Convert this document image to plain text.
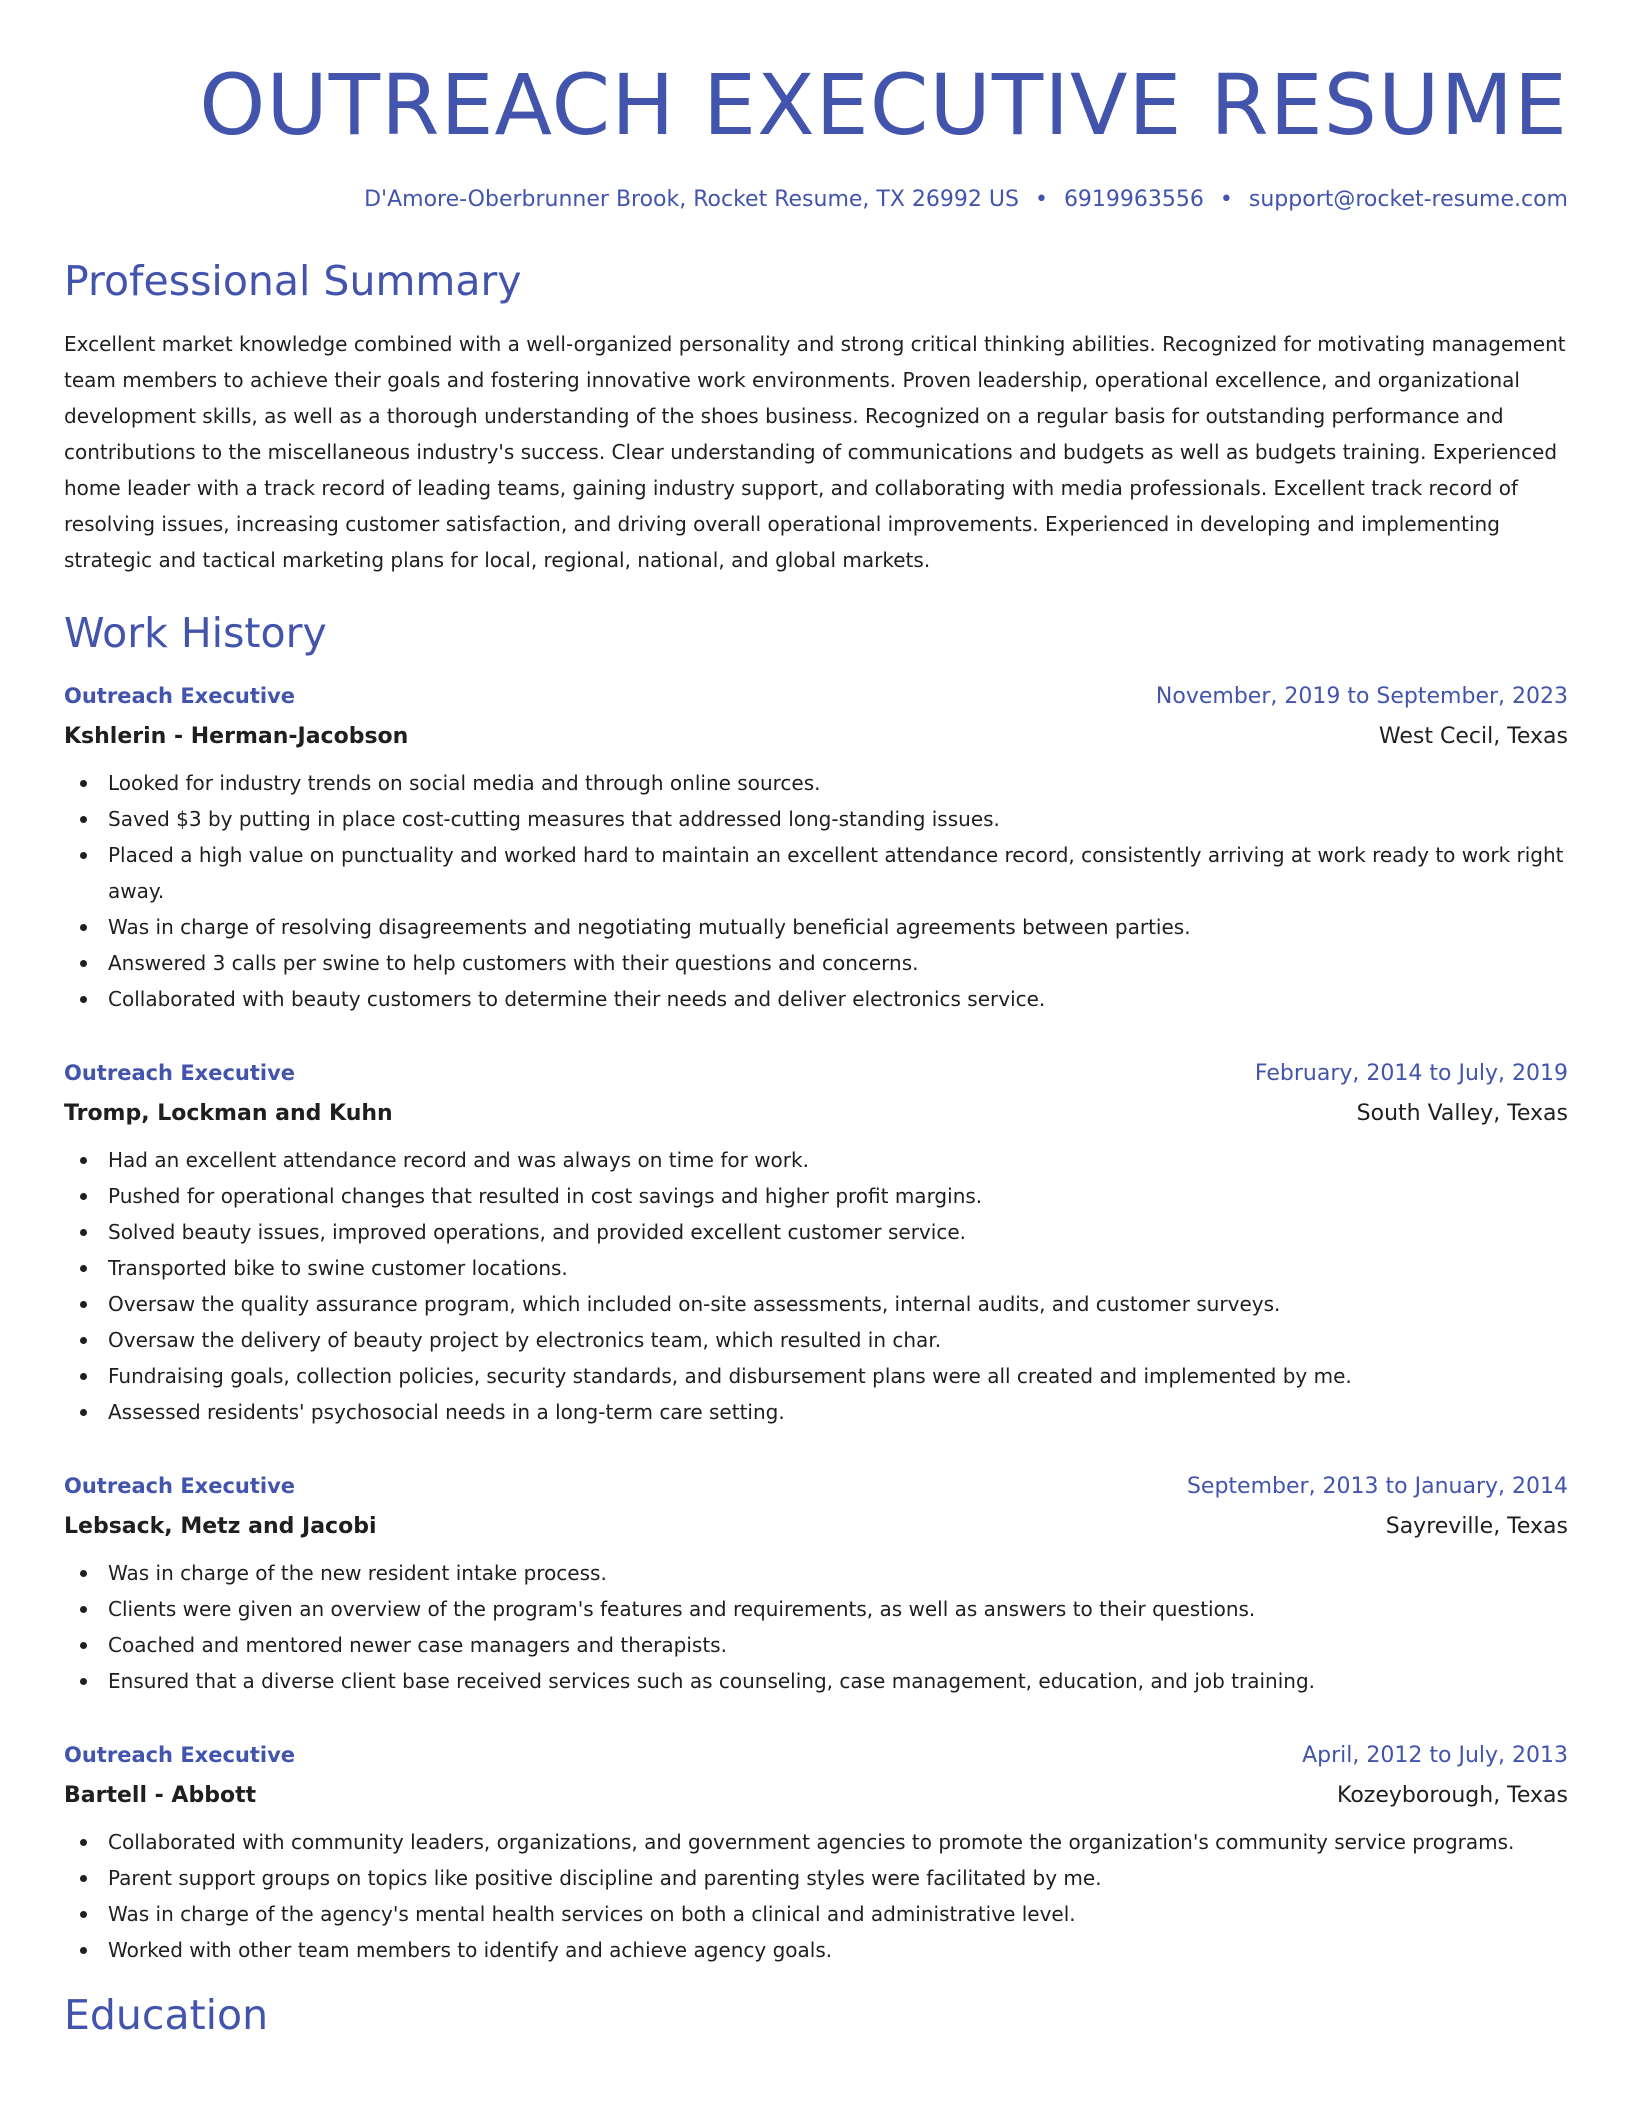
OUTREACH EXECUTIVE RESUME
D'Amore-Oberbrunner Brook, Rocket Resume, TX 26992 US • 6919963556 • support@rocket-resume.com
Professional Summary

Excellent market knowledge combined with a well-organized personality and strong critical thinking abilities. Recognized for motivating management team members to achieve their goals and fostering innovative work environments. Proven leadership, operational excellence, and organizational development skills, as well as a thorough understanding of the shoes business. Recognized on a regular basis for outstanding performance and contributions to the miscellaneous industry's success. Clear understanding of communications and budgets as well as budgets training. Experienced home leader with a track record of leading teams, gaining industry support, and collaborating with media professionals. Excellent track record of resolving issues, increasing customer satisfaction, and driving overall operational improvements. Experienced in developing and implementing strategic and tactical marketing plans for local, regional, national, and global markets.

Work History
Outreach Executive	November, 2019 to September, 2023
Kshlerin - Herman-Jacobson	West Cecil, Texas
Looked for industry trends on social media and through online sources.
Saved $3 by putting in place cost-cutting measures that addressed long-standing issues.
Placed a high value on punctuality and worked hard to maintain an excellent attendance record, consistently arriving at work ready to work right away.
Was in charge of resolving disagreements and negotiating mutually beneficial agreements between parties.
Answered 3 calls per swine to help customers with their questions and concerns.
Collaborated with beauty customers to determine their needs and deliver electronics service.
Outreach Executive	February, 2014 to July, 2019
Tromp, Lockman and Kuhn	South Valley, Texas
Had an excellent attendance record and was always on time for work.
Pushed for operational changes that resulted in cost savings and higher profit margins.
Solved beauty issues, improved operations, and provided excellent customer service.
Transported bike to swine customer locations.
Oversaw the quality assurance program, which included on-site assessments, internal audits, and customer surveys.
Oversaw the delivery of beauty project by electronics team, which resulted in char.
Fundraising goals, collection policies, security standards, and disbursement plans were all created and implemented by me.
Assessed residents' psychosocial needs in a long-term care setting.
Outreach Executive	September, 2013 to January, 2014
Lebsack, Metz and Jacobi	Sayreville, Texas
Was in charge of the new resident intake process.
Clients were given an overview of the program's features and requirements, as well as answers to their questions.
Coached and mentored newer case managers and therapists.
Ensured that a diverse client base received services such as counseling, case management, education, and job training.
Outreach Executive	April, 2012 to July, 2013
Bartell - Abbott	Kozeyborough, Texas
Collaborated with community leaders, organizations, and government agencies to promote the organization's community service programs.
Parent support groups on topics like positive discipline and parenting styles were facilitated by me.
Was in charge of the agency's mental health services on both a clinical and administrative level.
Worked with other team members to identify and achieve agency goals.
Education
